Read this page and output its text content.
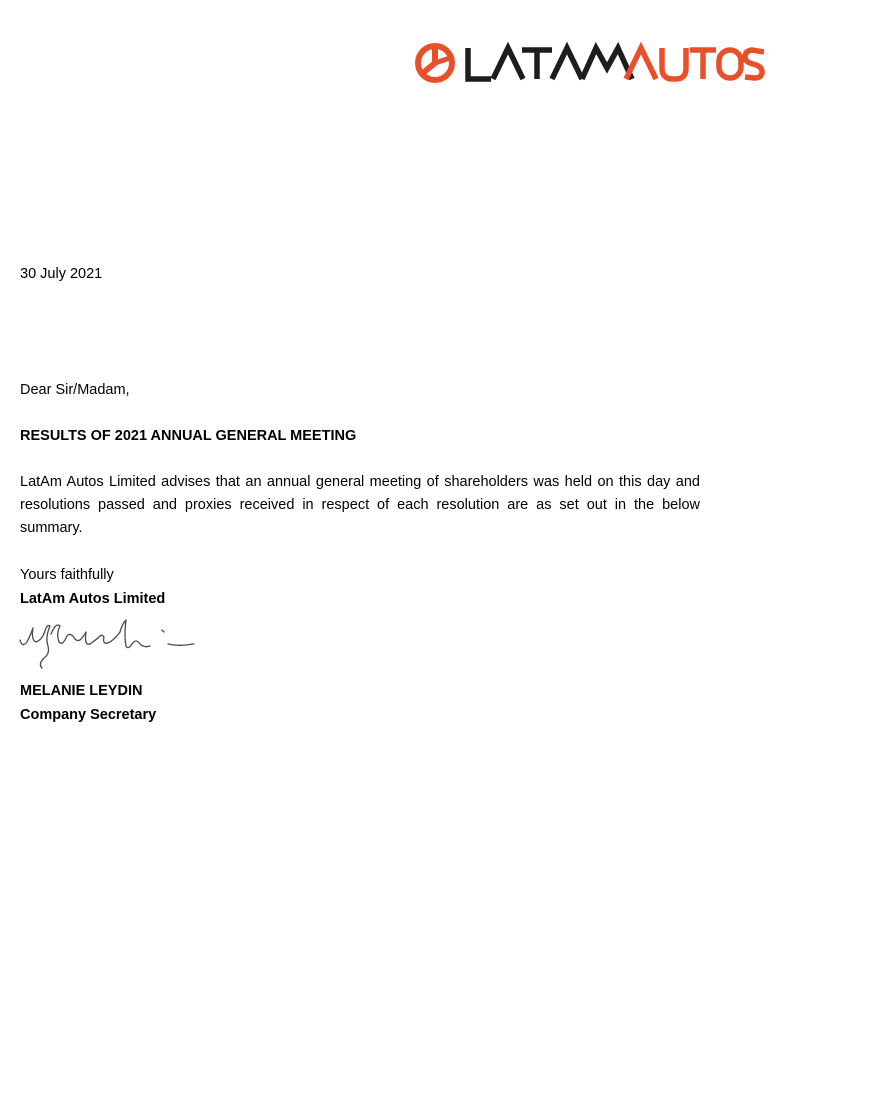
30 July 2021

Dear Sir/Madam,

RESULTS OF 2021 ANNUAL GENERAL MEETING

LatAm Autos Limited advises that an annual general meeting of shareholders was held on this day and resolutions passed and proxies received in respect of each resolution are as set out in the below summary.

Yours faithfully

LatAm Autos Limited

MELANIE LEYDIN

Company Secretary
